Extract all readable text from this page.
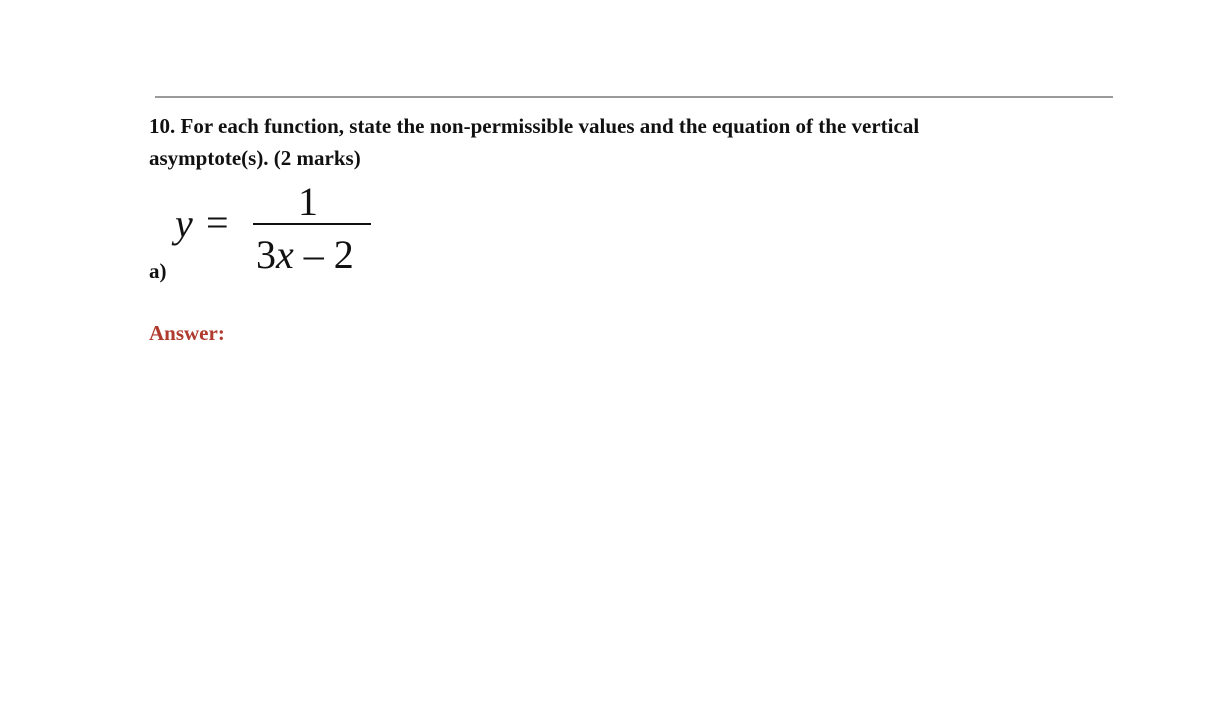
10. For each function, state the non-permissible values and the equation of the vertical
asymptote(s). (2 marks)
y = 1
3x – 2
a)
Answer:
